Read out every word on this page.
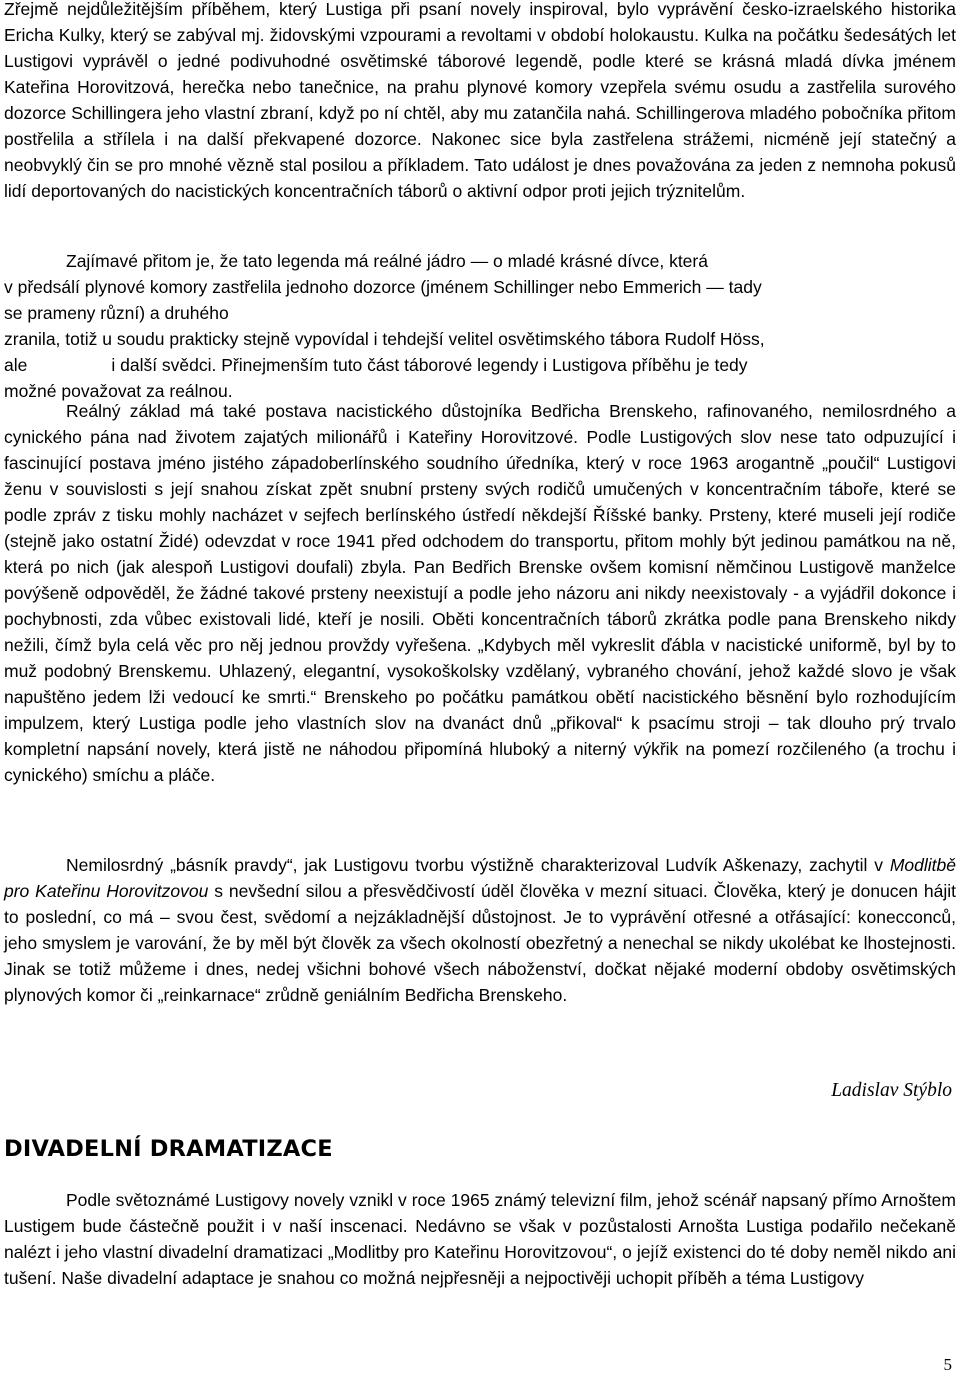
Zřejmě nejdůležitějším příběhem, který Lustiga při psaní novely inspiroval, bylo vyprávění česko-izraelského historika Ericha Kulky, který se zabýval mj. židovskými vzpourami a revoltami v období holokaustu. Kulka na počátku šedesátých let Lustigovi vyprávěl o jedné podivuhodné osvětimské táborové legendě, podle které se krásná mladá dívka jménem Kateřina Horovitzová, herečka nebo tanečnice, na prahu plynové komory vzepřela svému osudu a zastřelila surového dozorce Schillingera jeho vlastní zbraní, když po ní chtěl, aby mu zatančila nahá. Schillingerova mladého pobočníka přitom postřelila a střílela i na další překvapené dozorce. Nakonec sice byla zastřelena strážemi, nicméně její statečný a neobvyklý čin se pro mnohé vězně stal posilou a příkladem. Tato událost je dnes považována za jeden z nemnoha pokusů lidí deportovaných do nacistických koncentračních táborů o aktivní odpor proti jejich trýznitelům.

Zajímavé přitom je, že tato legenda má reálné jádro — o mladé krásné dívce, která
v předsálí plynové komory zastřelila jednoho dozorce (jménem Schillinger nebo Emmerich — tady
se prameny různí) a druhého
zranila, totiž u soudu prakticky stejně vypovídal i tehdejší velitel osvětimského tábora Rudolf Höss,
ale	i další svědci. Přinejmenším tuto část táborové legendy i Lustigova příběhu je tedy
možné považovat za reálnou.

Reálný základ má také postava nacistického důstojníka Bedřicha Brenskeho, rafinovaného, nemilosrdného a cynického pána nad životem zajatých milionářů i Kateřiny Horovitzové. Podle Lustigových slov nese tato odpuzující i fascinující postava jméno jistého západoberlínského soudního úředníka, který v roce 1963 arogantně „poučil“ Lustigovi ženu v souvislosti s její snahou získat zpět snubní prsteny svých rodičů umučených v koncentračním táboře, které se podle zpráv z tisku mohly nacházet v sejfech berlínského ústředí někdejší Říšské banky. Prsteny, které museli její rodiče (stejně jako ostatní Židé) odevzdat v roce 1941 před odchodem do transportu, přitom mohly být jedinou památkou na ně, která po nich (jak alespoň Lustigovi doufali) zbyla. Pan Bedřich Brenske ovšem komisní němčinou Lustigově manželce povýšeně odpověděl, že žádné takové prsteny neexistují a podle jeho názoru ani nikdy neexistovaly - a vyjádřil dokonce i pochybnosti, zda vůbec existovali lidé, kteří je nosili. Oběti koncentračních táborů zkrátka podle pana Brenskeho nikdy nežili, čímž byla celá věc pro něj jednou provždy vyřešena. „Kdybych měl vykreslit ďábla v nacistické uniformě, byl by to muž podobný Brenskemu. Uhlazený, elegantní, vysokoškolsky vzdělaný, vybraného chování, jehož každé slovo je však napuštěno jedem lži vedoucí ke smrti.“ Brenskeho po počátku památkou obětí nacistického běsnění bylo rozhodujícím impulzem, který Lustiga podle jeho vlastních slov na dvanáct dnů „přikoval“ k psacímu stroji – tak dlouho prý trvalo kompletní napsání novely, která jistě ne náhodou připomíná hluboký a niterný výkřik na pomezí rozčileného (a trochu i cynického) smíchu a pláče.

Nemilosrdný „básník pravdy“, jak Lustigovu tvorbu výstižně charakterizoval Ludvík Aškenazy, zachytil v Modlitbě pro Kateřinu Horovitzovou s nevšední silou a přesvědčivostí úděl člověka v mezní situaci. Člověka, který je donucen hájit to poslední, co má – svou čest, svědomí a nejzákladnější důstojnost. Je to vyprávění otřesné a otřásající: konecconců, jeho smyslem je varování, že by měl být člověk za všech okolností obezřetný a nenechal se nikdy ukolébat ke lhostejnosti. Jinak se totiž můžeme i dnes, nedej všichni bohové všech náboženství, dočkat nějaké moderní obdoby osvětimských plynových komor či „reinkarnace“ zrůdně geniálním Bedřicha Brenskeho.

Ladislav Stýblo
DIVADELNÍ DRAMATIZACE

Podle světoznámé Lustigovy novely vznikl v roce 1965 známý televizní film, jehož scénář napsaný přímo Arnoštem Lustigem bude částečně použit i v naší inscenaci. Nedávno se však v pozůstalosti Arnošta Lustiga podařilo nečekaně nalézt i jeho vlastní divadelní dramatizaci „Modlitby pro Kateřinu Horovitzovou“, o jejíž existenci do té doby neměl nikdo ani tušení. Naše divadelní adaptace je snahou co možná nejpřesněji a nejpoctivěji uchopit příběh a téma Lustigovy

5
